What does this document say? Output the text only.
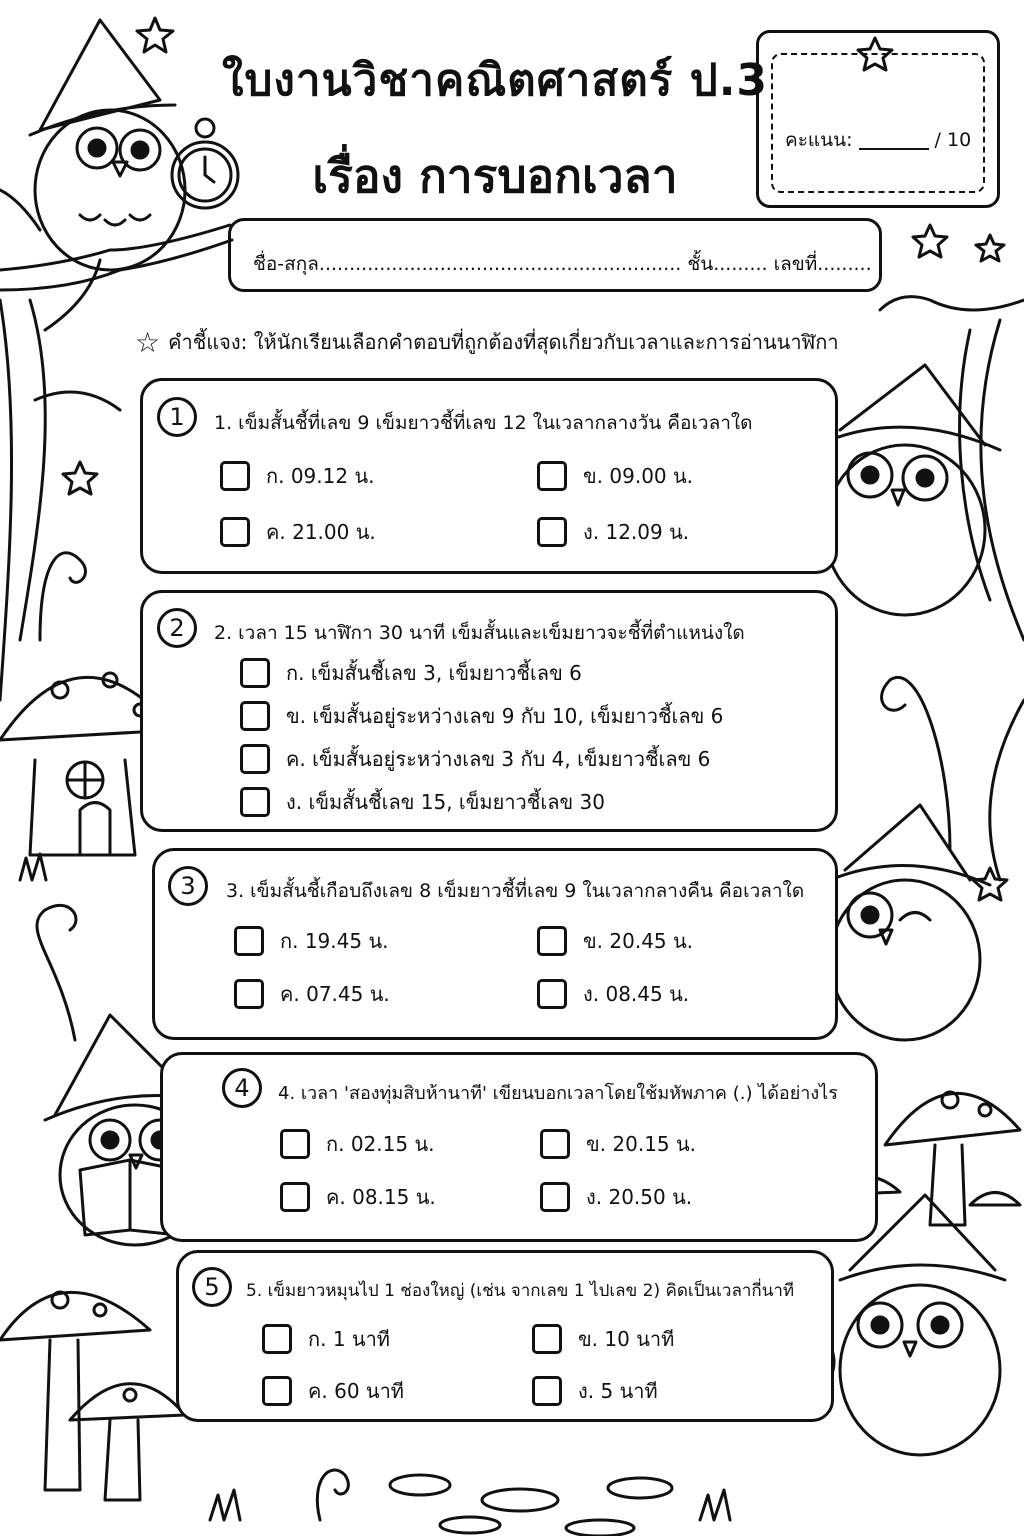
ใบงานวิชาคณิตศาสตร์ ป.3
เรื่อง การบอกเวลา
คะแนน:	/ 10
ชื่อ-สกุล............................................................ ชั้น......... เลขที่.........
☆ คำชี้แจง: ให้นักเรียนเลือกคำตอบที่ถูกต้องที่สุดเกี่ยวกับเวลาและการอ่านนาฬิกา
1	1. เข็มสั้นชี้ที่เลข 9 เข็มยาวชี้ที่เลข 12 ในเวลากลางวัน คือเวลาใด
ก. 09.12 น.	ข. 09.00 น.
ค. 21.00 น.	ง. 12.09 น.
2	2. เวลา 15 นาฬิกา 30 นาที เข็มสั้นและเข็มยาวจะชี้ที่ตำแหน่งใด
ก. เข็มสั้นชี้เลข 3, เข็มยาวชี้เลข 6
ข. เข็มสั้นอยู่ระหว่างเลข 9 กับ 10, เข็มยาวชี้เลข 6
ค. เข็มสั้นอยู่ระหว่างเลข 3 กับ 4, เข็มยาวชี้เลข 6
ง. เข็มสั้นชี้เลข 15, เข็มยาวชี้เลข 30
3	3. เข็มสั้นชี้เกือบถึงเลข 8 เข็มยาวชี้ที่เลข 9 ในเวลากลางคืน คือเวลาใด
ก. 19.45 น.	ข. 20.45 น.
ค. 07.45 น.	ง. 08.45 น.
4	4. เวลา 'สองทุ่มสิบห้านาที' เขียนบอกเวลาโดยใช้มหัพภาค (.) ได้อย่างไร
ก. 02.15 น.	ข. 20.15 น.
ค. 08.15 น.	ง. 20.50 น.
5	5. เข็มยาวหมุนไป 1 ช่องใหญ่ (เช่น จากเลข 1 ไปเลข 2) คิดเป็นเวลากี่นาที
ก. 1 นาที	ข. 10 นาที
ค. 60 นาที	ง. 5 นาที
